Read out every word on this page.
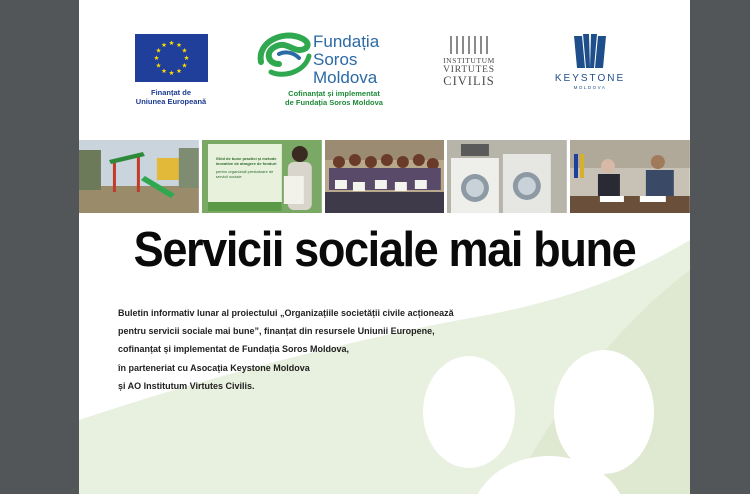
Finanțat de
Uniunea Europeană
Fundația
Soros
Moldova
Cofinanțat și implementat
de Fundația Soros Moldova
INSTITUTUM
VIRTUTES
CIVILIS	KEYSTONE
MOLDOVA
Ghid de bune practici și metode inovative de atragere de fonduri
pentru organizații prestatoare de servicii sociale
Servicii sociale mai bune
Buletin informativ lunar al proiectului „Organizațiile societății civile acționează
pentru servicii sociale mai bune”, finanțat din resursele Uniunii Europene,
cofinanțat și implementat de Fundația Soros Moldova,
în parteneriat cu Asocația Keystone Moldova
și AO Institutum Virtutes Civilis.
